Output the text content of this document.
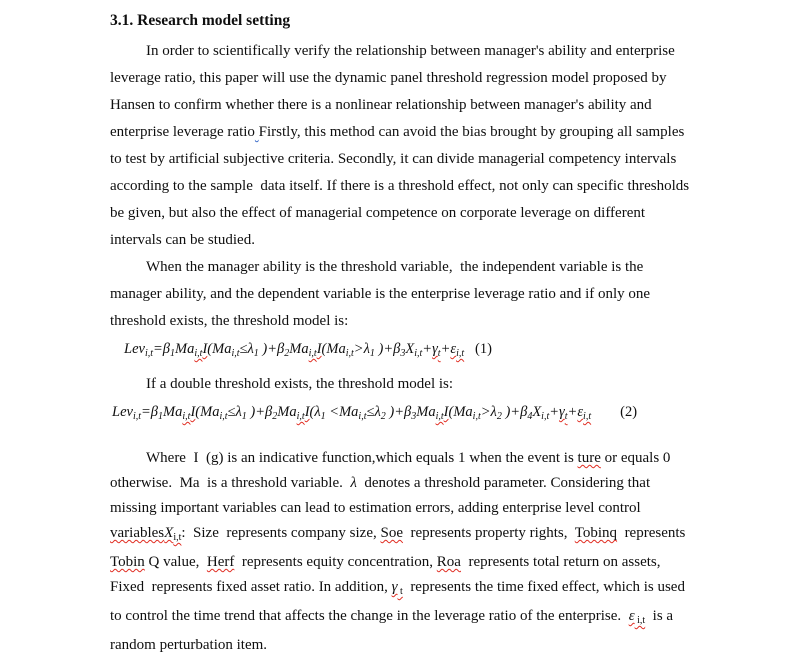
3.1. Research model setting

In order to scientifically verify the relationship between manager's ability and enterprise leverage ratio, this paper will use the dynamic panel threshold regression model proposed by Hansen to confirm whether there is a nonlinear relationship between manager's ability and enterprise leverage ratio Firstly, this method can avoid the bias brought by grouping all samples to test by artificial subjective criteria. Secondly, it can divide managerial competency intervals according to the sample  data itself. If there is a threshold effect, not only can specific thresholds be given, but also the effect of managerial competence on corporate leverage on different intervals can be studied.

When the manager ability is the threshold variable,  the independent variable is the manager ability, and the dependent variable is the enterprise leverage ratio and if only one threshold exists, the threshold model is:

$Lev_{i,t}=\beta_1Ma_{i,t}I(Ma_{i,t}\le\lambda_1$ )$+\beta_2Ma_{i,t}I(Ma_{i,t}>\lambda_1$ )$+\beta_3X_{i,t}+\gamma_t+\varepsilon_{i,t}$   (1)

If a double threshold exists, the threshold model is:

$Lev_{i,t}=\beta_1Ma_{i,t}I(Ma_{i,t}\le\lambda_1$ )$+\beta_2Ma_{i,t}I(\lambda_1 <Ma_{i,t}\le\lambda_2$ )$+\beta_3Ma_{i,t}I(Ma_{i,t}>\lambda_2$ )$+\beta_4X_{i,t}+\gamma_t+\varepsilon_{i,t}$        (2)

Where  I  (g) is an indicative function,which equals 1 when the event is ture or equals 0 otherwise.  Ma  is a threshold variable.  λ  denotes a threshold parameter. Considering that missing important variables can lead to estimation errors, adding enterprise level control variablesX$_{i,t}$:  Size  represents company size, Soe  represents property rights,  Tobinq  represents Tobin Q value,  Herf  represents equity concentration, Roa  represents total return on assets, Fixed  represents fixed asset ratio. In addition, γ $_t$  represents the time fixed effect, which is used to control the time trend that affects the change in the leverage ratio of the enterprise.  ε $_{i,t}$  is a random perturbation item.
